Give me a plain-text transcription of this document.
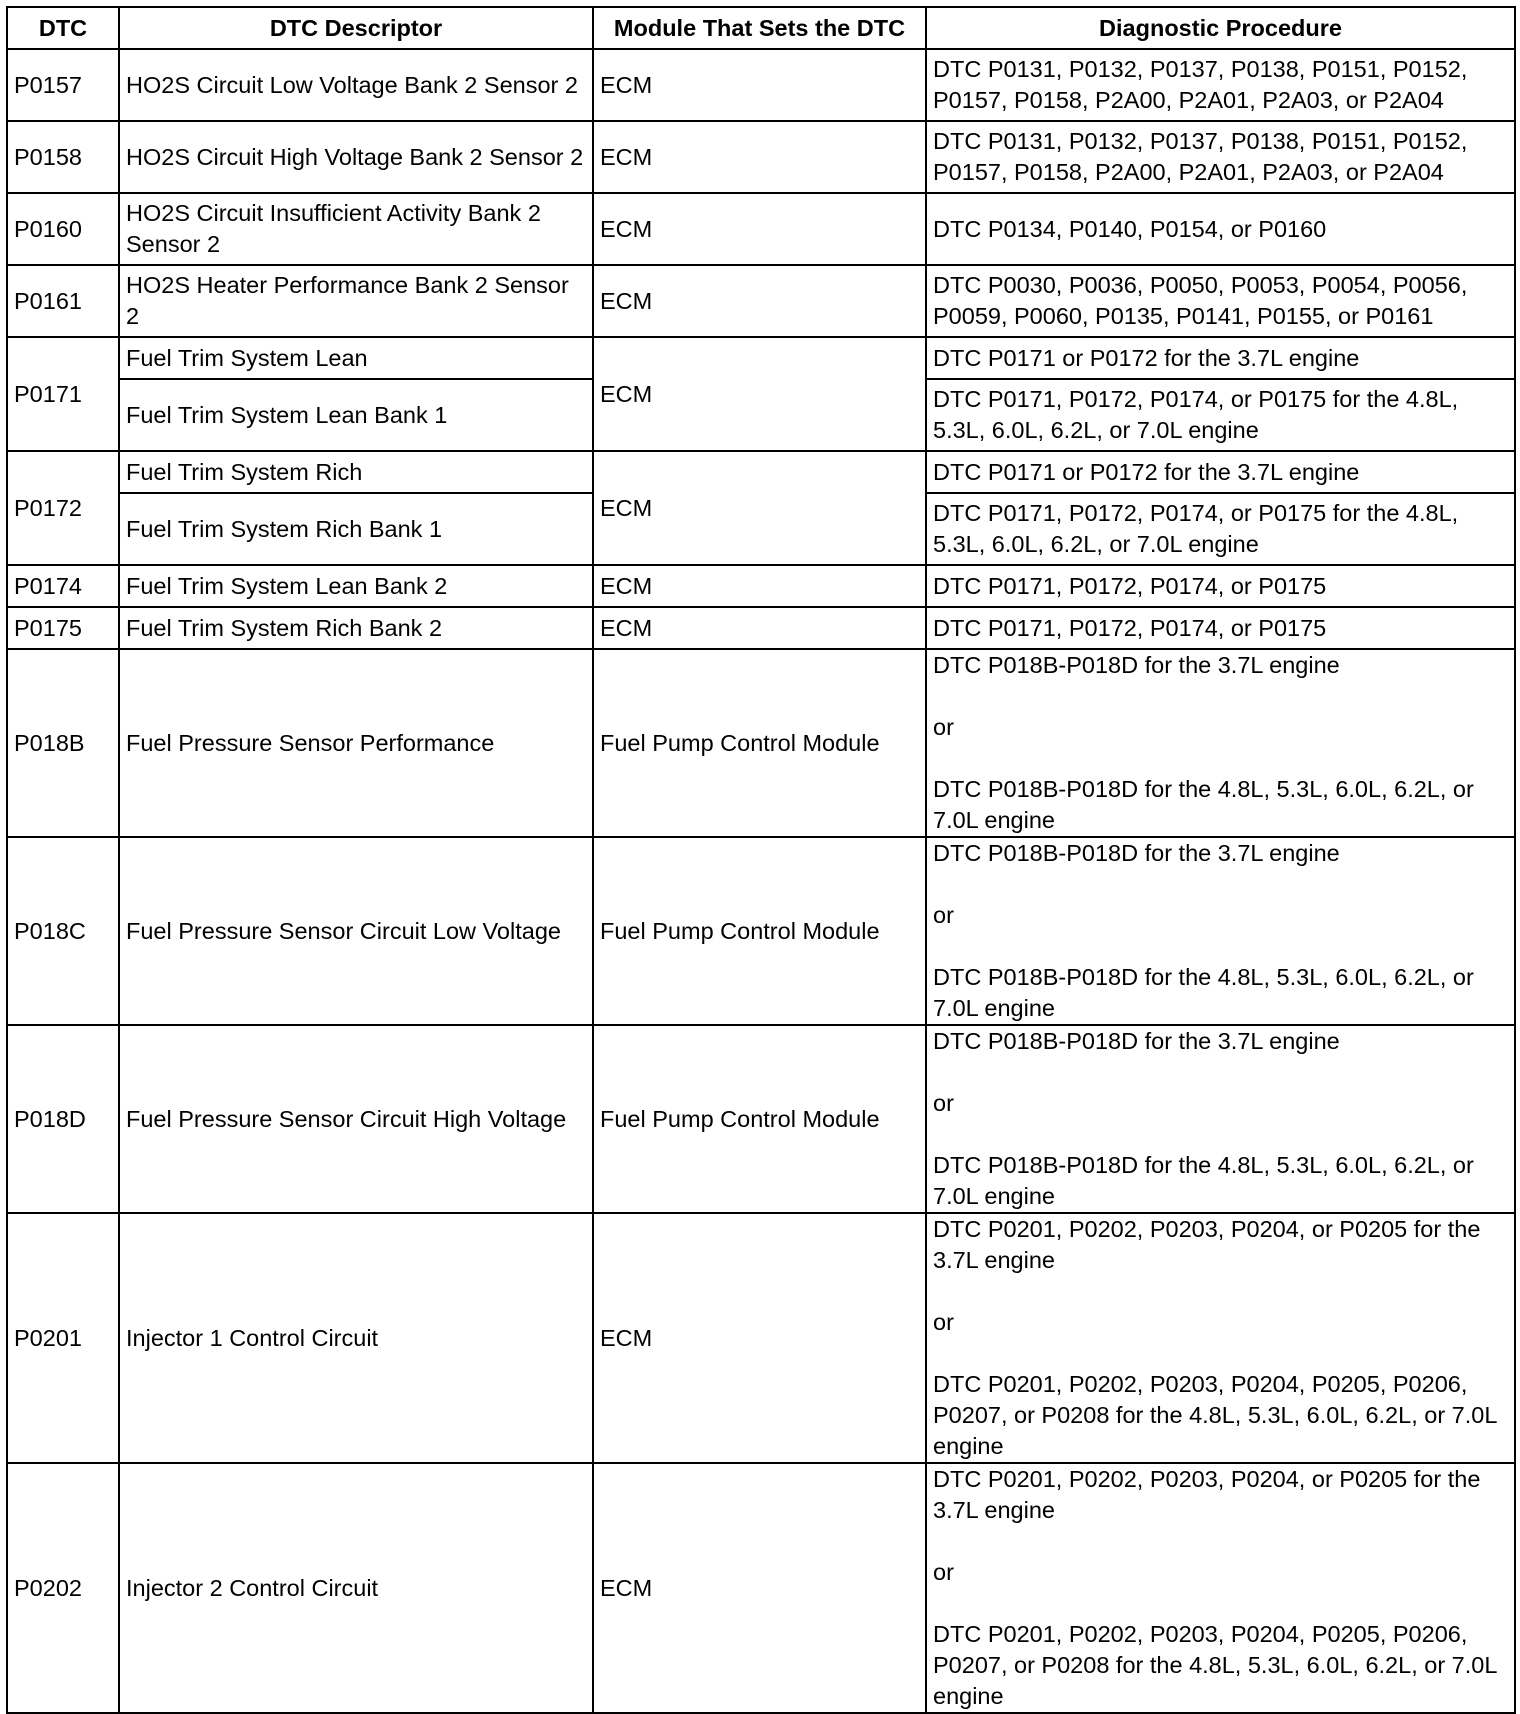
DTC	DTC Descriptor	Module That Sets the DTC	Diagnostic Procedure
P0157	HO2S Circuit Low Voltage Bank 2 Sensor 2	ECM	DTC P0131, P0132, P0137, P0138, P0151, P0152, P0157, P0158, P2A00, P2A01, P2A03, or P2A04
P0158	HO2S Circuit High Voltage Bank 2 Sensor 2	ECM	DTC P0131, P0132, P0137, P0138, P0151, P0152, P0157, P0158, P2A00, P2A01, P2A03, or P2A04
P0160	HO2S Circuit Insufficient Activity Bank 2 Sensor 2	ECM	DTC P0134, P0140, P0154, or P0160
P0161	HO2S Heater Performance Bank 2 Sensor 2	ECM	DTC P0030, P0036, P0050, P0053, P0054, P0056, P0059, P0060, P0135, P0141, P0155, or P0161
P0171	Fuel Trim System Lean	ECM	DTC P0171 or P0172 for the 3.7L engine
	Fuel Trim System Lean Bank 1		DTC P0171, P0172, P0174, or P0175 for the 4.8L, 5.3L, 6.0L, 6.2L, or 7.0L engine
P0172	Fuel Trim System Rich	ECM	DTC P0171 or P0172 for the 3.7L engine
	Fuel Trim System Rich Bank 1		DTC P0171, P0172, P0174, or P0175 for the 4.8L, 5.3L, 6.0L, 6.2L, or 7.0L engine
P0174	Fuel Trim System Lean Bank 2	ECM	DTC P0171, P0172, P0174, or P0175
P0175	Fuel Trim System Rich Bank 2	ECM	DTC P0171, P0172, P0174, or P0175
P018B	Fuel Pressure Sensor Performance	Fuel Pump Control Module	DTC P018B-P018D for the 3.7L engine

or

DTC P018B-P018D for the 4.8L, 5.3L, 6.0L, 6.2L, or 7.0L engine
P018C	Fuel Pressure Sensor Circuit Low Voltage	Fuel Pump Control Module	DTC P018B-P018D for the 3.7L engine

or

DTC P018B-P018D for the 4.8L, 5.3L, 6.0L, 6.2L, or 7.0L engine
P018D	Fuel Pressure Sensor Circuit High Voltage	Fuel Pump Control Module	DTC P018B-P018D for the 3.7L engine

or

DTC P018B-P018D for the 4.8L, 5.3L, 6.0L, 6.2L, or 7.0L engine
P0201	Injector 1 Control Circuit	ECM	DTC P0201, P0202, P0203, P0204, or P0205 for the 3.7L engine

or

DTC P0201, P0202, P0203, P0204, P0205, P0206, P0207, or P0208 for the 4.8L, 5.3L, 6.0L, 6.2L, or 7.0L engine
P0202	Injector 2 Control Circuit	ECM	DTC P0201, P0202, P0203, P0204, or P0205 for the 3.7L engine

or

DTC P0201, P0202, P0203, P0204, P0205, P0206, P0207, or P0208 for the 4.8L, 5.3L, 6.0L, 6.2L, or 7.0L engine
